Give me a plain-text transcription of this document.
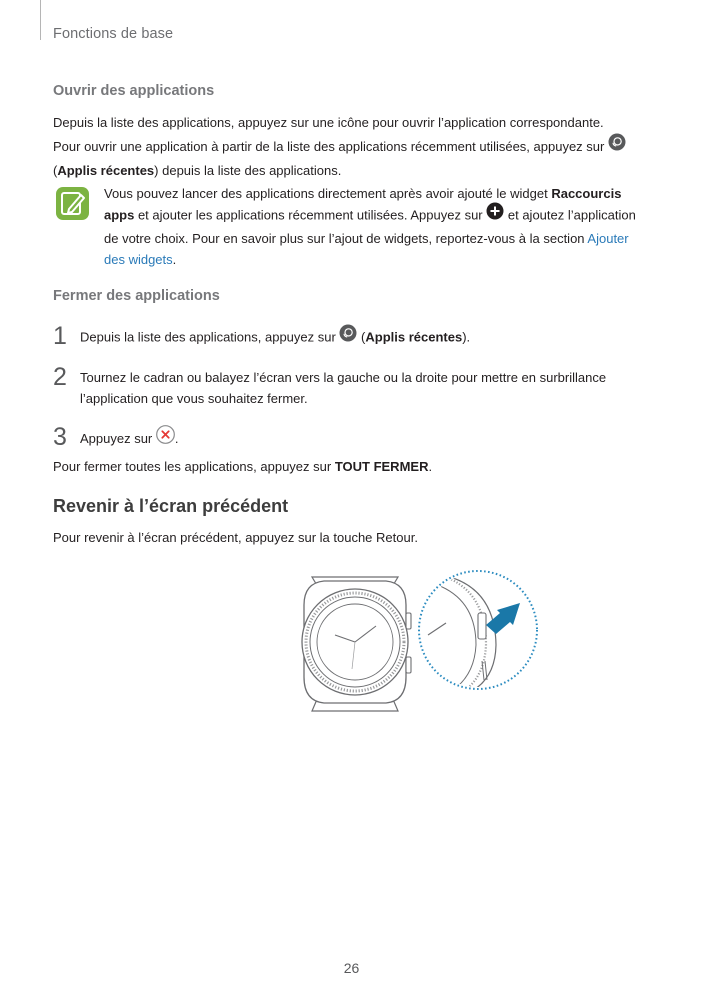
Fonctions de base
Ouvrir des applications
Depuis la liste des applications, appuyez sur une icône pour ouvrir l’application correspondante.
Pour ouvrir une application à partir de la liste des applications récemment utilisées, appuyez sur
(Applis récentes) depuis la liste des applications.
Vous pouvez lancer des applications directement après avoir ajouté le widget Raccourcis apps et ajouter les applications récemment utilisées. Appuyez sur  et ajoutez l’application de votre choix. Pour en savoir plus sur l’ajout de widgets, reportez-vous à la section Ajouter des widgets.
Fermer des applications
1 Depuis la liste des applications, appuyez sur  (Applis récentes).
2 Tournez le cadran ou balayez l’écran vers la gauche ou la droite pour mettre en surbrillance l’application que vous souhaitez fermer.
3 Appuyez sur .
Pour fermer toutes les applications, appuyez sur TOUT FERMER.
Revenir à l’écran précédent
Pour revenir à l’écran précédent, appuyez sur la touche Retour.
26
